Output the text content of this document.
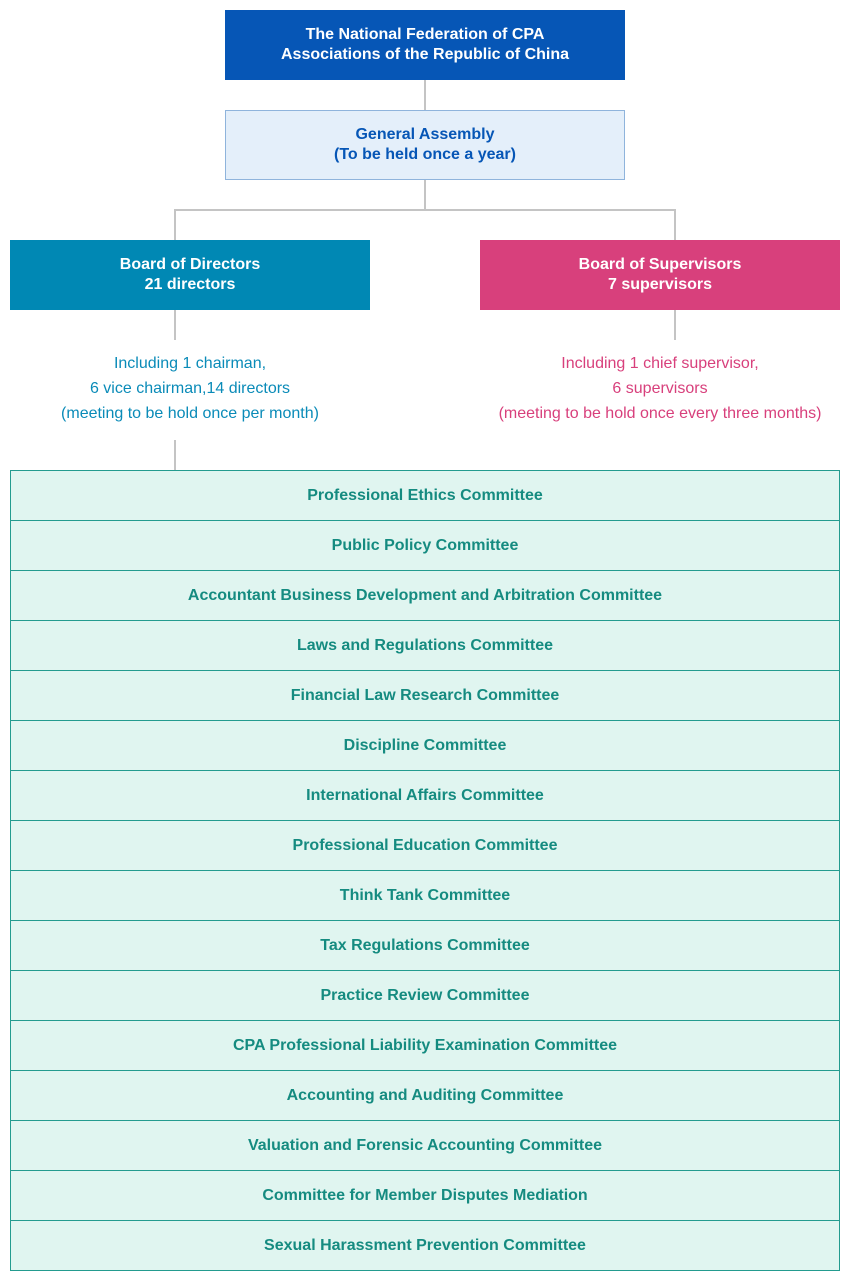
The National Federation of CPA
Associations of the Republic of China
General Assembly
(To be held once a year)
Board of Directors
21 directors
Board of Supervisors
7 supervisors
Including 1 chairman,
6 vice chairman,14 directors
(meeting to be hold once per month)
Including 1 chief supervisor,
6 supervisors
(meeting to be hold once every three months)
Professional Ethics Committee
Public Policy Committee
Accountant Business Development and Arbitration Committee
Laws and Regulations Committee
Financial Law Research Committee
Discipline Committee
International Affairs Committee
Professional Education Committee
Think Tank Committee
Tax Regulations Committee
Practice Review Committee
CPA Professional Liability Examination Committee
Accounting and Auditing Committee
Valuation and Forensic Accounting Committee
Committee for Member Disputes Mediation
Sexual Harassment Prevention Committee
